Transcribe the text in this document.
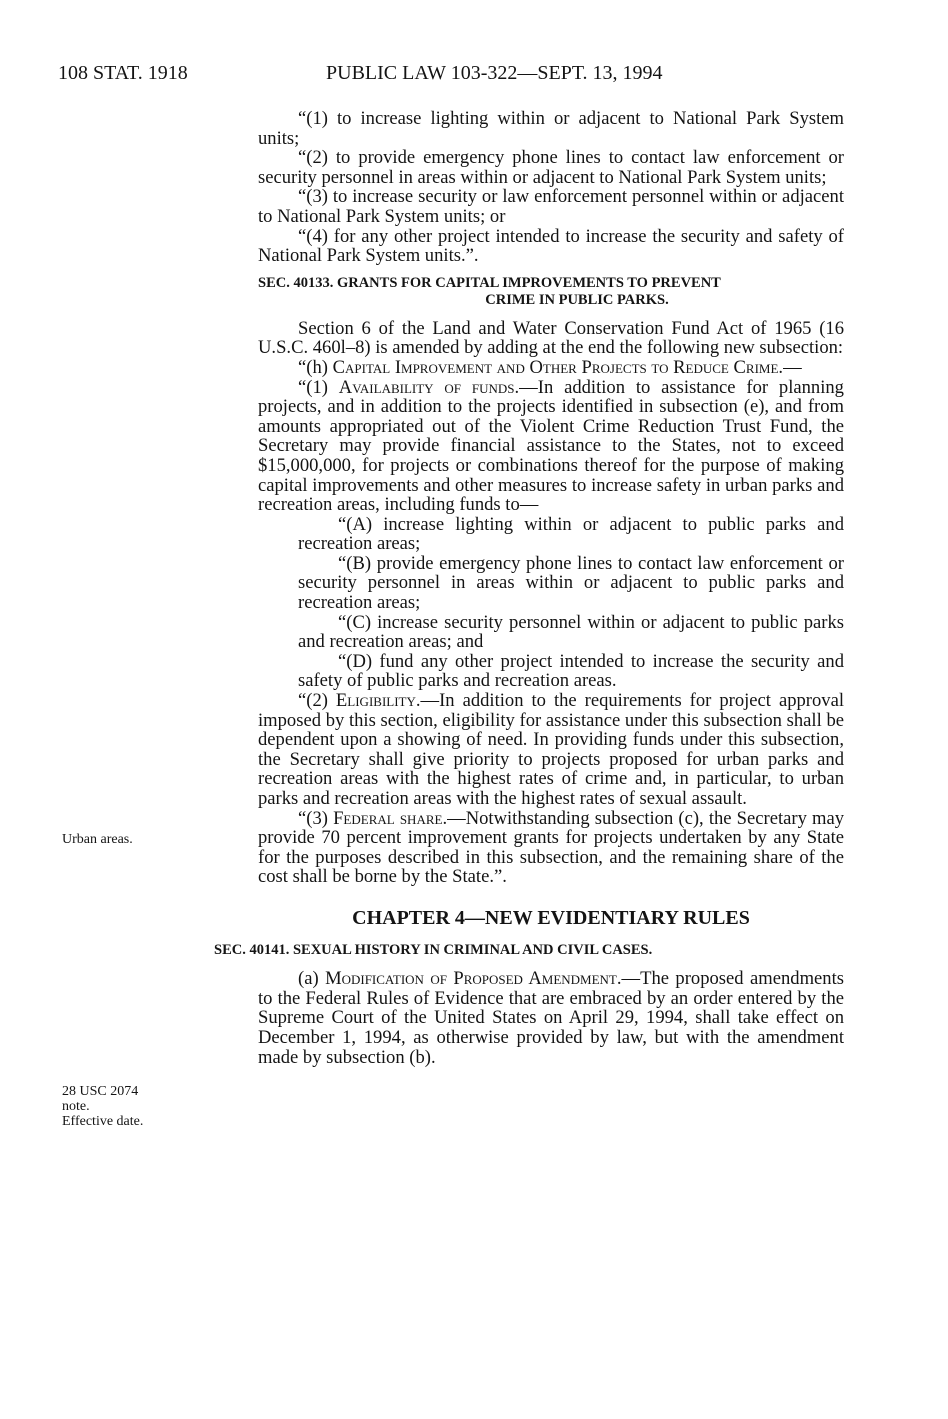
108 STAT. 1918	PUBLIC LAW 103-322—SEPT. 13, 1994
Urban areas.
28 USC 2074
note.
Effective date.

“(1) to increase lighting within or adjacent to National Park System units;

“(2) to provide emergency phone lines to contact law enforcement or security personnel in areas within or adjacent to National Park System units;

“(3) to increase security or law enforcement personnel within or adjacent to National Park System units; or

“(4) for any other project intended to increase the security and safety of National Park System units.”.

SEC. 40133. GRANTS FOR CAPITAL IMPROVEMENTS TO PREVENT
CRIME IN PUBLIC PARKS.

Section 6 of the Land and Water Conservation Fund Act of 1965 (16 U.S.C. 460l–8) is amended by adding at the end the following new subsection:

“(h) Capital Improvement and Other Projects to Reduce Crime.—

“(1) Availability of funds.—In addition to assistance for planning projects, and in addition to the projects identified in subsection (e), and from amounts appropriated out of the Violent Crime Reduction Trust Fund, the Secretary may provide financial assistance to the States, not to exceed $15,000,000, for projects or combinations thereof for the purpose of making capital improvements and other measures to increase safety in urban parks and recreation areas, including funds to—

“(A) increase lighting within or adjacent to public parks and recreation areas;

“(B) provide emergency phone lines to contact law enforcement or security personnel in areas within or adjacent to public parks and recreation areas;

“(C) increase security personnel within or adjacent to public parks and recreation areas; and

“(D) fund any other project intended to increase the security and safety of public parks and recreation areas.

“(2) Eligibility.—In addition to the requirements for project approval imposed by this section, eligibility for assistance under this subsection shall be dependent upon a showing of need. In providing funds under this subsection, the Secretary shall give priority to projects proposed for urban parks and recreation areas with the highest rates of crime and, in particular, to urban parks and recreation areas with the highest rates of sexual assault.

“(3) Federal share.—Notwithstanding subsection (c), the Secretary may provide 70 percent improvement grants for projects undertaken by any State for the purposes described in this subsection, and the remaining share of the cost shall be borne by the State.”.

CHAPTER 4—NEW EVIDENTIARY RULES
SEC. 40141. SEXUAL HISTORY IN CRIMINAL AND CIVIL CASES.

(a) Modification of Proposed Amendment.—The proposed amendments to the Federal Rules of Evidence that are embraced by an order entered by the Supreme Court of the United States on April 29, 1994, shall take effect on December 1, 1994, as otherwise provided by law, but with the amendment made by subsection (b).
